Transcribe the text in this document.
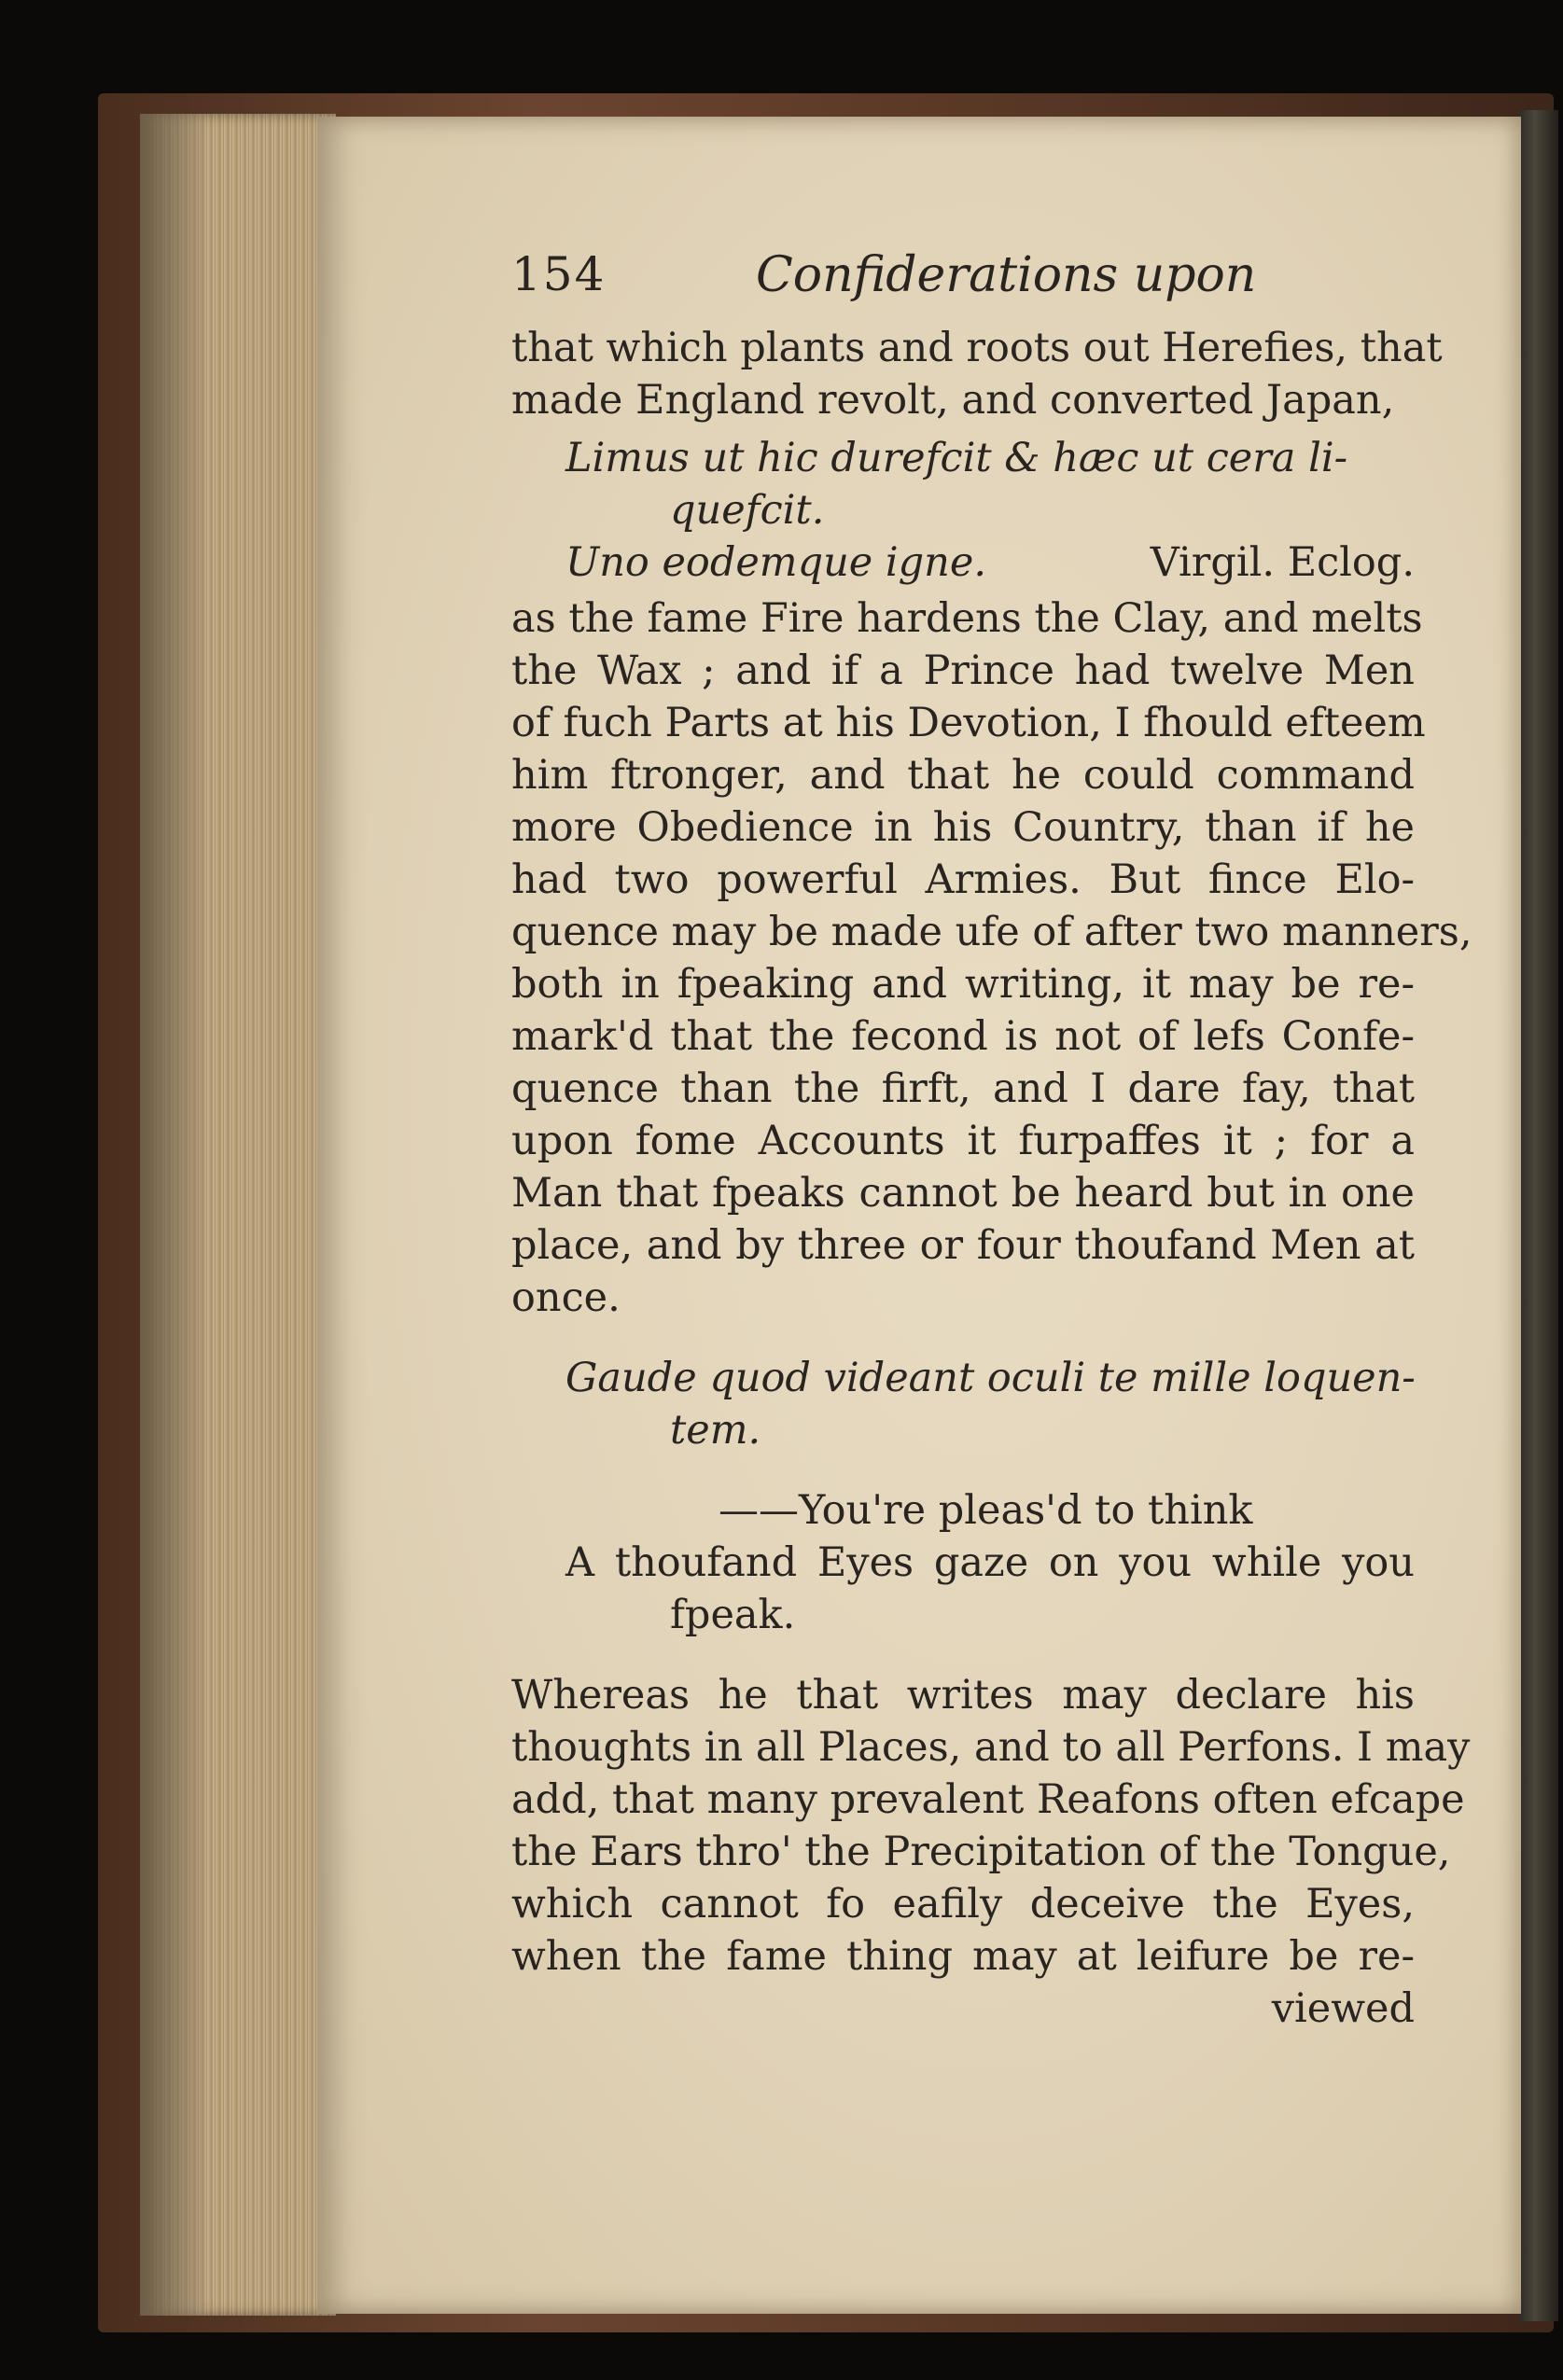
154	Confiderations upon
that which plants and roots out Herefies, that
made England revolt, and converted Japan,
Limus ut hic durefcit & hæc ut cera li-
quefcit.
Uno eodemque igne.	Virgil. Eclog.
as the fame Fire hardens the Clay, and melts
the Wax ; and if a Prince had twelve Men
of fuch Parts at his Devotion, I fhould efteem
him ftronger, and that he could command
more Obedience in his Country, than if he
had two powerful Armies. But fince Elo-
quence may be made ufe of after two manners,
both in fpeaking and writing, it may be re-
mark'd that the fecond is not of lefs Confe-
quence than the firft, and I dare fay, that
upon fome Accounts it furpaffes it ; for a
Man that fpeaks cannot be heard but in one
place, and by three or four thoufand Men at
once.
Gaude quod videant oculi te mille loquen-
tem.
——You're pleas'd to think
A thoufand Eyes gaze on you while you
fpeak.
Whereas he that writes may declare his
thoughts in all Places, and to all Perfons. I may
add, that many prevalent Reafons often efcape
the Ears thro' the Precipitation of the Tongue,
which cannot fo eafily deceive the Eyes,
when the fame thing may at leifure be re-
viewed
